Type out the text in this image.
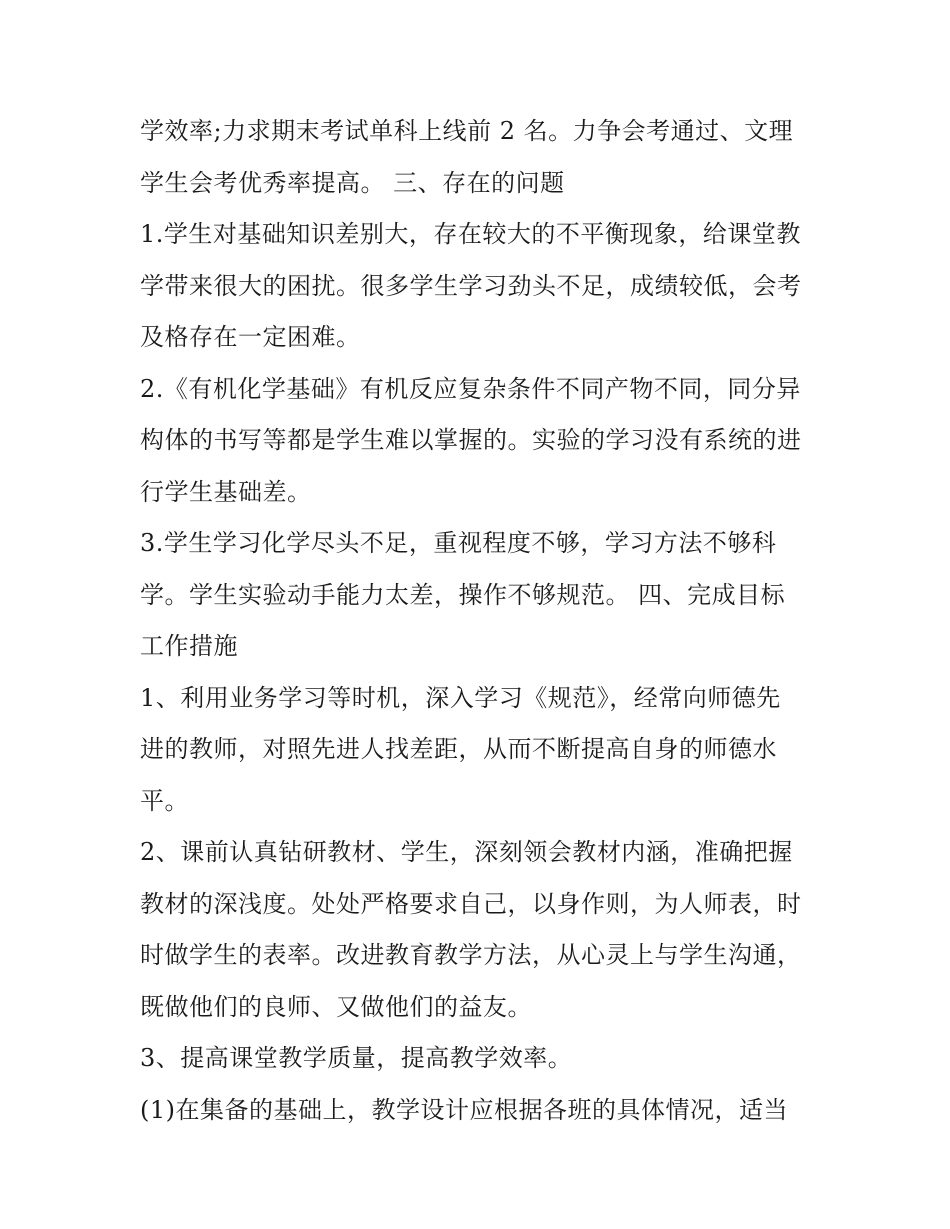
学效率;力求期末考试单科上线前 2 名。力争会考通过、文理
学生会考优秀率提高。 三、存在的问题
1.学生对基础知识差别大，存在较大的不平衡现象，给课堂教
学带来很大的困扰。很多学生学习劲头不足，成绩较低，会考
及格存在一定困难。
2.《有机化学基础》有机反应复杂条件不同产物不同，同分异
构体的书写等都是学生难以掌握的。实验的学习没有系统的进
行学生基础差。
3.学生学习化学尽头不足，重视程度不够，学习方法不够科
学。学生实验动手能力太差，操作不够规范。 四、完成目标
工作措施
1、利用业务学习等时机，深入学习《规范》，经常向师德先
进的教师，对照先进人找差距，从而不断提高自身的师德水
平。
2、课前认真钻研教材、学生，深刻领会教材内涵，准确把握
教材的深浅度。处处严格要求自己，以身作则，为人师表，时
时做学生的表率。改进教育教学方法，从心灵上与学生沟通，
既做他们的良师、又做他们的益友。
3、提高课堂教学质量，提高教学效率。
(1)在集备的基础上，教学设计应根据各班的具体情况，适当
